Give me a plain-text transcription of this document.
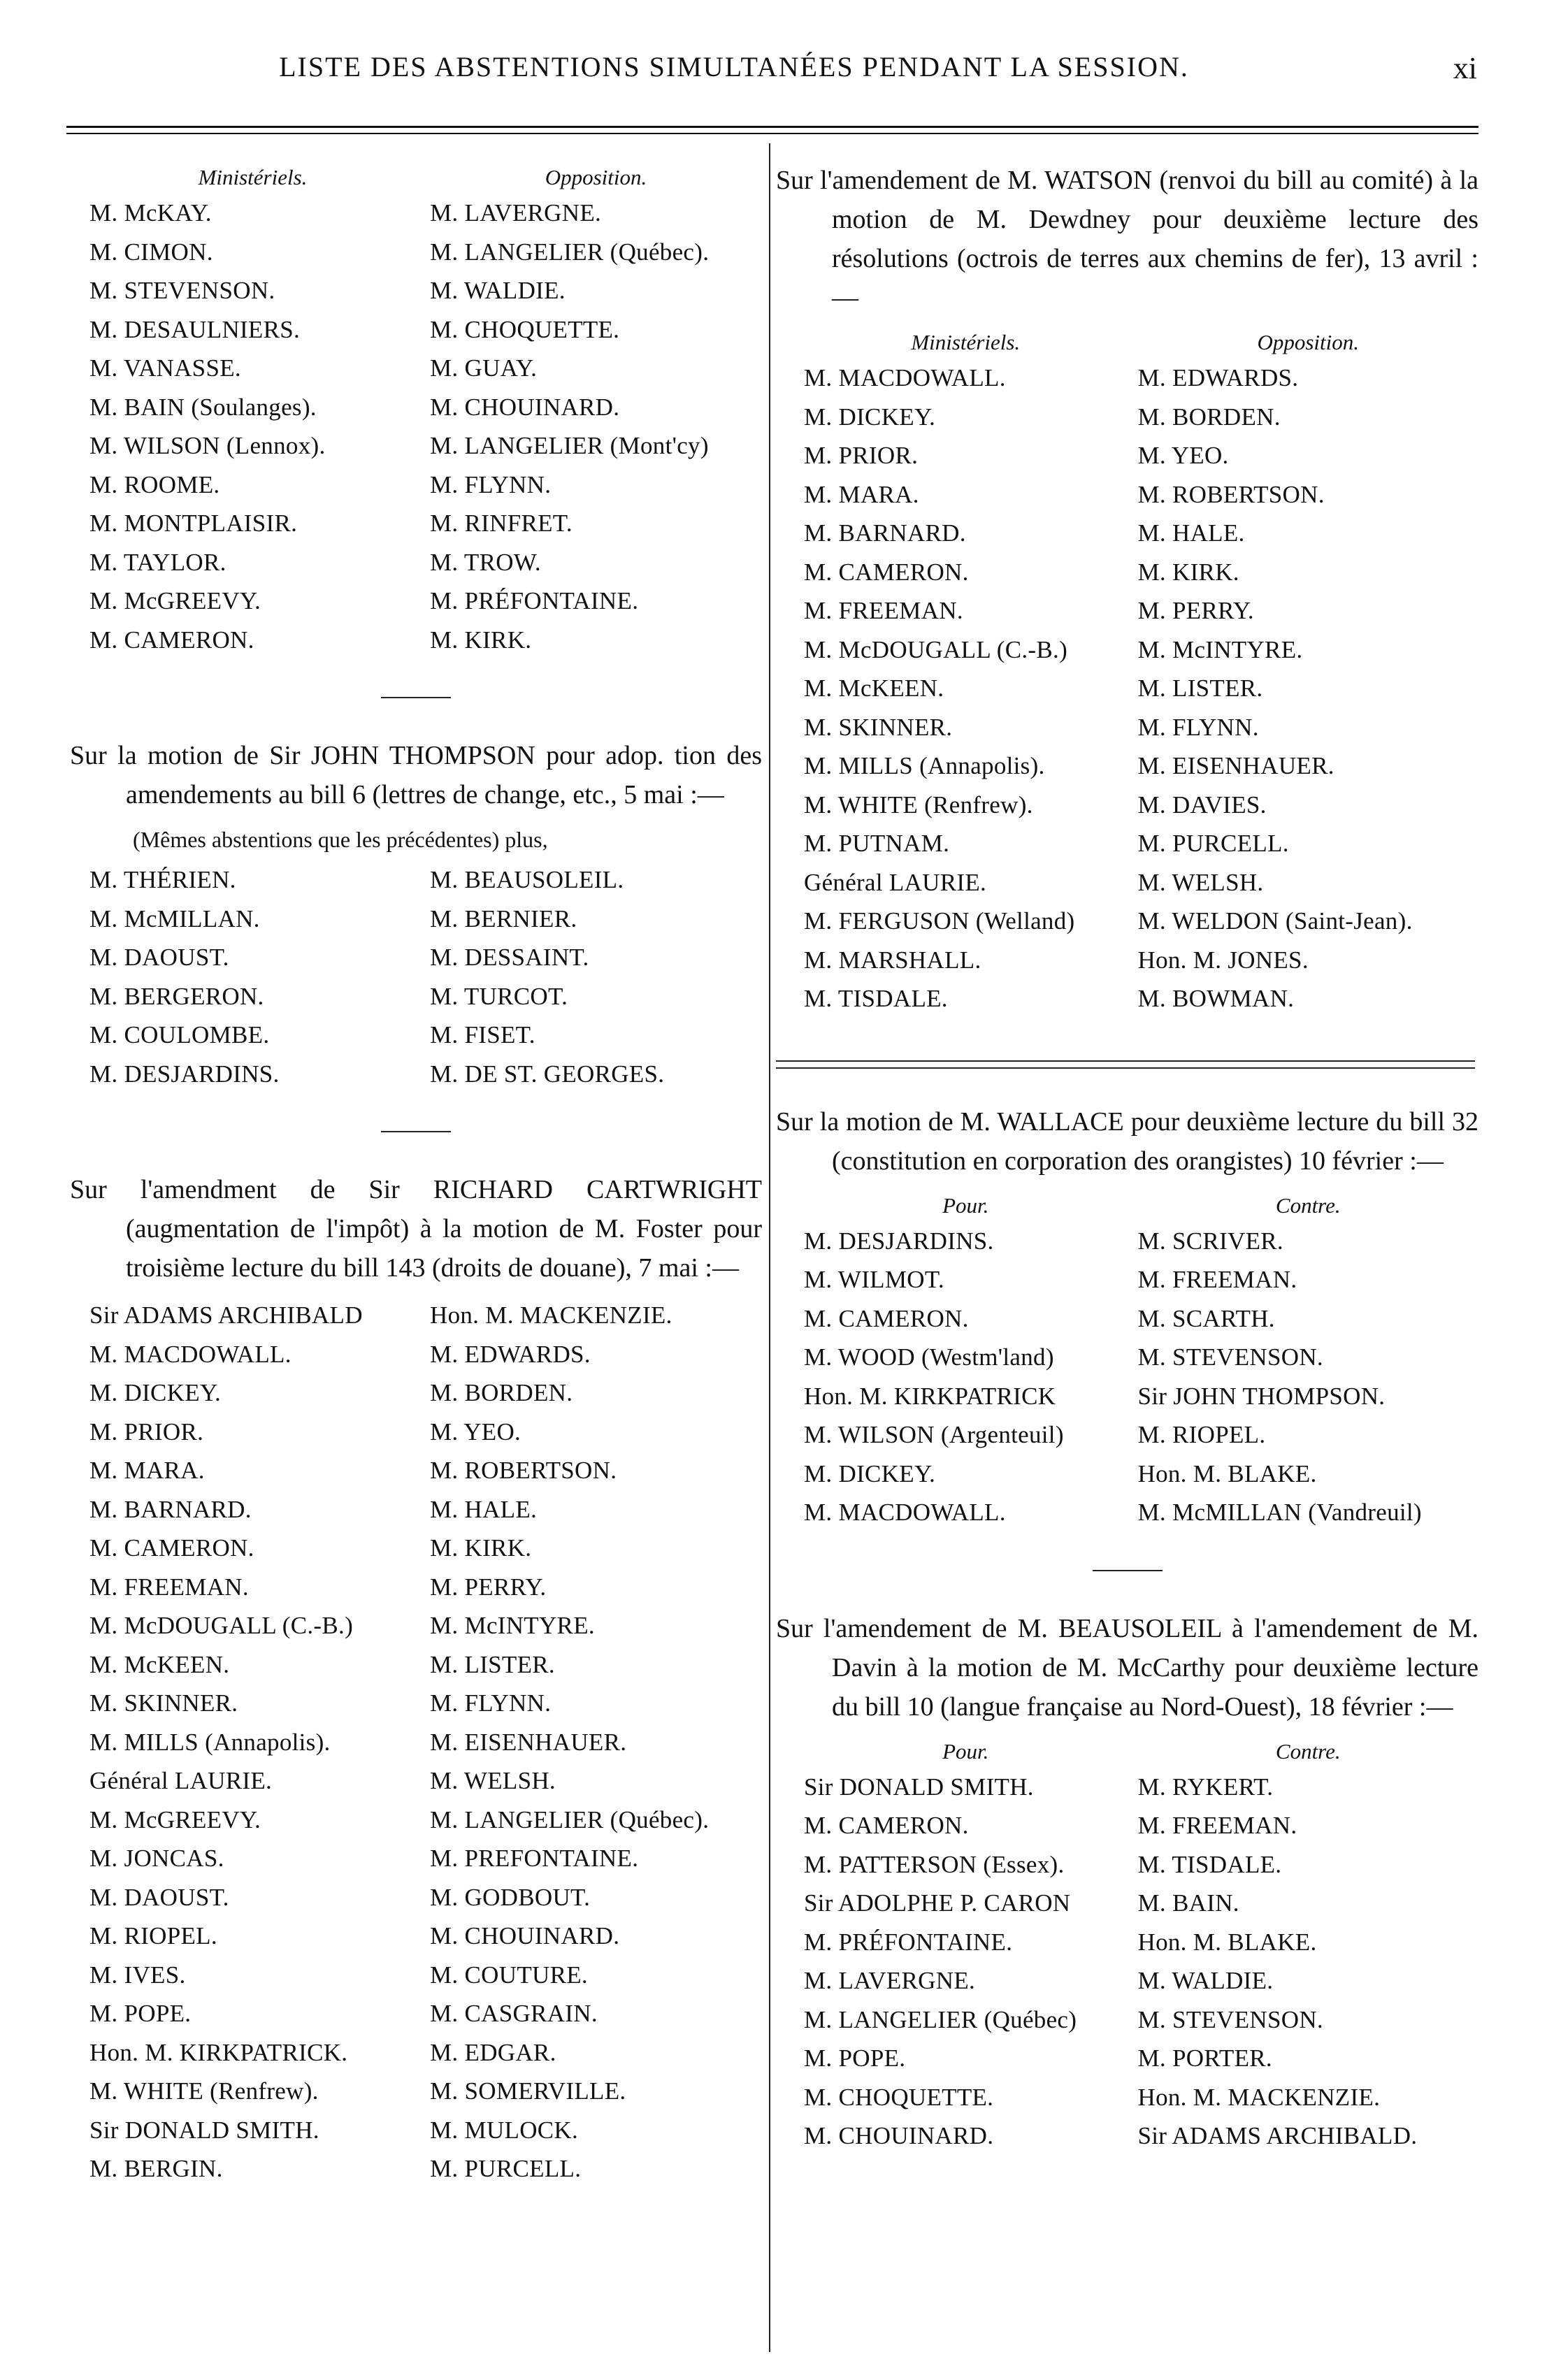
LISTE DES ABSTENTIONS SIMULTANÉES PENDANT LA SESSION.	xi
Ministériels.
M. McKAY.
M. CIMON.
M. STEVENSON.
M. DESAULNIERS.
M. VANASSE.
M. BAIN (Soulanges).
M. WILSON (Lennox).
M. ROOME.
M. MONTPLAISIR.
M. TAYLOR.
M. McGREEVY.
M. CAMERON.
Opposition.
M. LAVERGNE.
M. LANGELIER (Québec).
M. WALDIE.
M. CHOQUETTE.
M. GUAY.
M. CHOUINARD.
M. LANGELIER (Mont'cy)
M. FLYNN.
M. RINFRET.
M. TROW.
M. PRÉFONTAINE.
M. KIRK.

Sur la motion de Sir JOHN THOMPSON pour adop. tion des amendements au bill 6 (lettres de change, etc., 5 mai :—

(Mêmes abstentions que les précédentes) plus,

M. THÉRIEN.
M. McMILLAN.
M. DAOUST.
M. BERGERON.
M. COULOMBE.
M. DESJARDINS.
M. BEAUSOLEIL.
M. BERNIER.
M. DESSAINT.
M. TURCOT.
M. FISET.
M. DE ST. GEORGES.

Sur l'amendment de Sir RICHARD CARTWRIGHT (augmentation de l'impôt) à la motion de M. Foster pour troisième lecture du bill 143 (droits de douane), 7 mai :—

Sir ADAMS ARCHIBALD
M. MACDOWALL.
M. DICKEY.
M. PRIOR.
M. MARA.
M. BARNARD.
M. CAMERON.
M. FREEMAN.
M. McDOUGALL (C.-B.)
M. McKEEN.
M. SKINNER.
M. MILLS (Annapolis).
Général LAURIE.
M. McGREEVY.
M. JONCAS.
M. DAOUST.
M. RIOPEL.
M. IVES.
M. POPE.
Hon. M. KIRKPATRICK.
M. WHITE (Renfrew).
Sir DONALD SMITH.
M. BERGIN.
Hon. M. MACKENZIE.
M. EDWARDS.
M. BORDEN.
M. YEO.
M. ROBERTSON.
M. HALE.
M. KIRK.
M. PERRY.
M. McINTYRE.
M. LISTER.
M. FLYNN.
M. EISENHAUER.
M. WELSH.
M. LANGELIER (Québec).
M. PREFONTAINE.
M. GODBOUT.
M. CHOUINARD.
M. COUTURE.
M. CASGRAIN.
M. EDGAR.
M. SOMERVILLE.
M. MULOCK.
M. PURCELL.

Sur l'amendement de M. WATSON (renvoi du bill au comité) à la motion de M. Dewdney pour deuxième lecture des résolutions (octrois de terres aux chemins de fer), 13 avril :—

Ministériels.
M. MACDOWALL.
M. DICKEY.
M. PRIOR.
M. MARA.
M. BARNARD.
M. CAMERON.
M. FREEMAN.
M. McDOUGALL (C.-B.)
M. McKEEN.
M. SKINNER.
M. MILLS (Annapolis).
M. WHITE (Renfrew).
M. PUTNAM.
Général LAURIE.
M. FERGUSON (Welland)
M. MARSHALL.
M. TISDALE.
Opposition.
M. EDWARDS.
M. BORDEN.
M. YEO.
M. ROBERTSON.
M. HALE.
M. KIRK.
M. PERRY.
M. McINTYRE.
M. LISTER.
M. FLYNN.
M. EISENHAUER.
M. DAVIES.
M. PURCELL.
M. WELSH.
M. WELDON (Saint-Jean).
Hon. M. JONES.
M. BOWMAN.

Sur la motion de M. WALLACE pour deuxième lecture du bill 32 (constitution en corporation des orangistes) 10 février :—

Pour.
M. DESJARDINS.
M. WILMOT.
M. CAMERON.
M. WOOD (Westm'land)
Hon. M. KIRKPATRICK
M. WILSON (Argenteuil)
M. DICKEY.
M. MACDOWALL.
Contre.
M. SCRIVER.
M. FREEMAN.
M. SCARTH.
M. STEVENSON.
Sir JOHN THOMPSON.
M. RIOPEL.
Hon. M. BLAKE.
M. McMILLAN (Vandreuil)

Sur l'amendement de M. BEAUSOLEIL à l'amendement de M. Davin à la motion de M. McCarthy pour deuxième lecture du bill 10 (langue française au Nord-Ouest), 18 février :—

Pour.
Sir DONALD SMITH.
M. CAMERON.
M. PATTERSON (Essex).
Sir ADOLPHE P. CARON
M. PRÉFONTAINE.
M. LAVERGNE.
M. LANGELIER (Québec)
M. POPE.
M. CHOQUETTE.
M. CHOUINARD.
Contre.
M. RYKERT.
M. FREEMAN.
M. TISDALE.
M. BAIN.
Hon. M. BLAKE.
M. WALDIE.
M. STEVENSON.
M. PORTER.
Hon. M. MACKENZIE.
Sir ADAMS ARCHIBALD.
